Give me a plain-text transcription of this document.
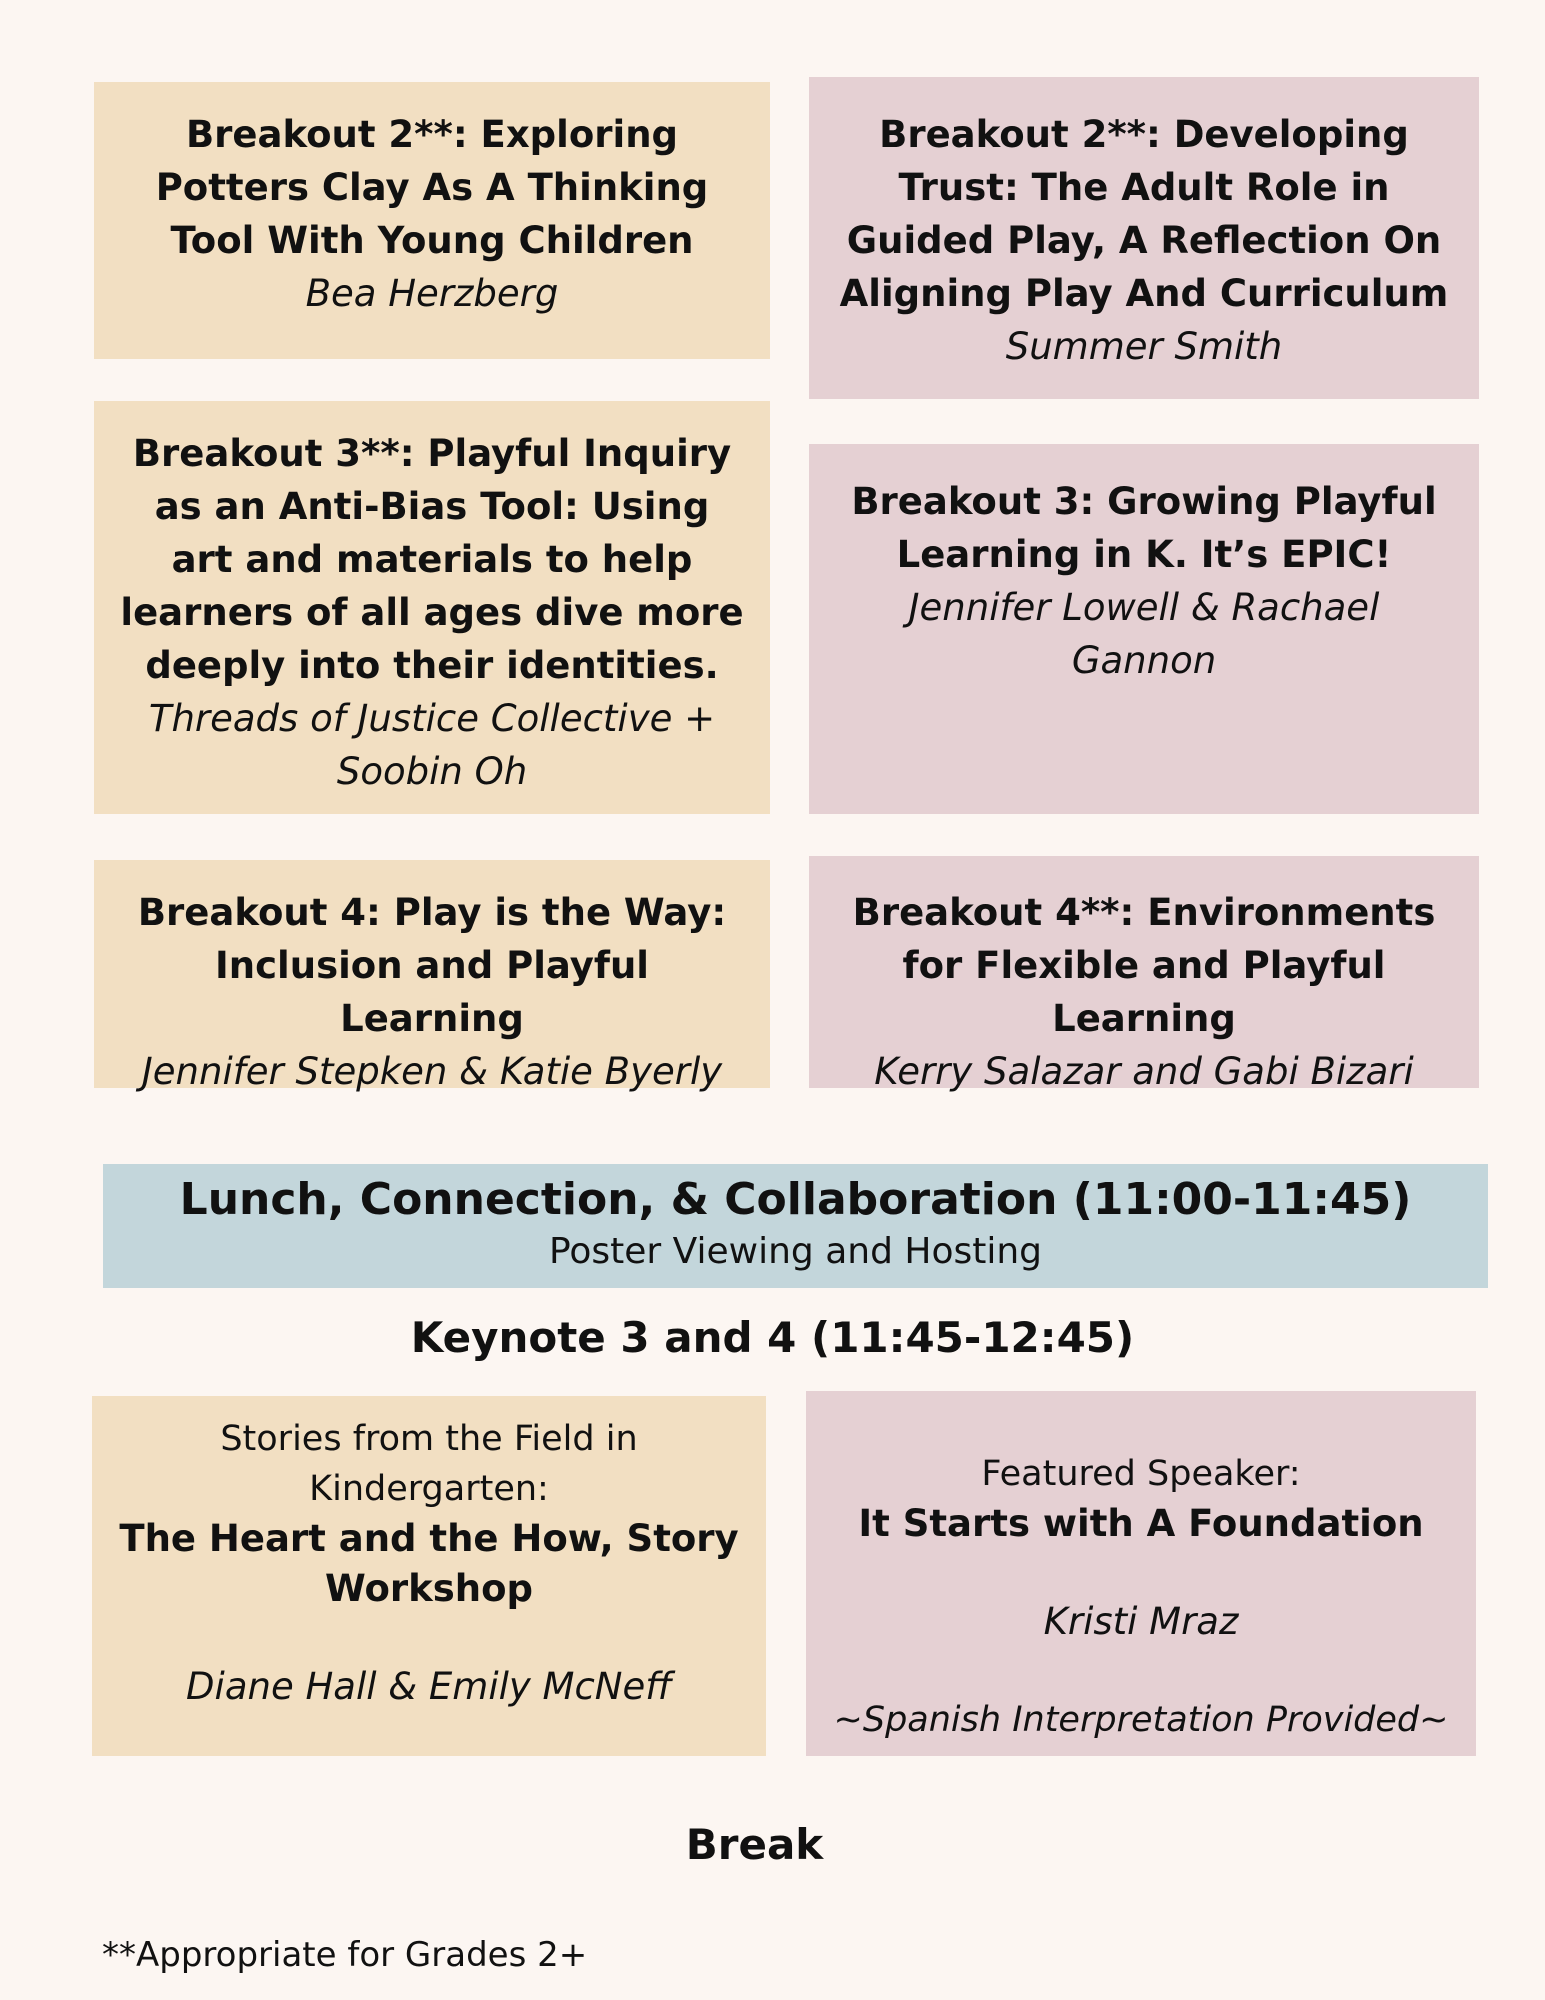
Breakout 2**: Exploring Potters Clay As A Thinking Tool With Young Children
Bea Herzberg
Breakout 3**: Playful Inquiry as an Anti-Bias Tool: Using art and materials to help learners of all ages dive more deeply into their identities.
Threads of Justice Collective + Soobin Oh
Breakout 4: Play is the Way: Inclusion and Playful Learning
Jennifer Stepken & Katie Byerly
Breakout 2**: Developing Trust: The Adult Role in Guided Play, A Reflection On Aligning Play And Curriculum
Summer Smith
Breakout 3: Growing Playful Learning in K. It’s EPIC!
Jennifer Lowell & Rachael Gannon
Breakout 4**: Environments for Flexible and Playful Learning
Kerry Salazar and Gabi Bizari
Lunch, Connection, & Collaboration (11:00-11:45)
Poster Viewing and Hosting
Keynote 3 and 4 (11:45-12:45)
Stories from the Field in Kindergarten:
The Heart and the How, Story Workshop
Diane Hall & Emily McNeff
Featured Speaker:
It Starts with A Foundation
Kristi Mraz
~Spanish Interpretation Provided~
Break
**Appropriate for Grades 2+
